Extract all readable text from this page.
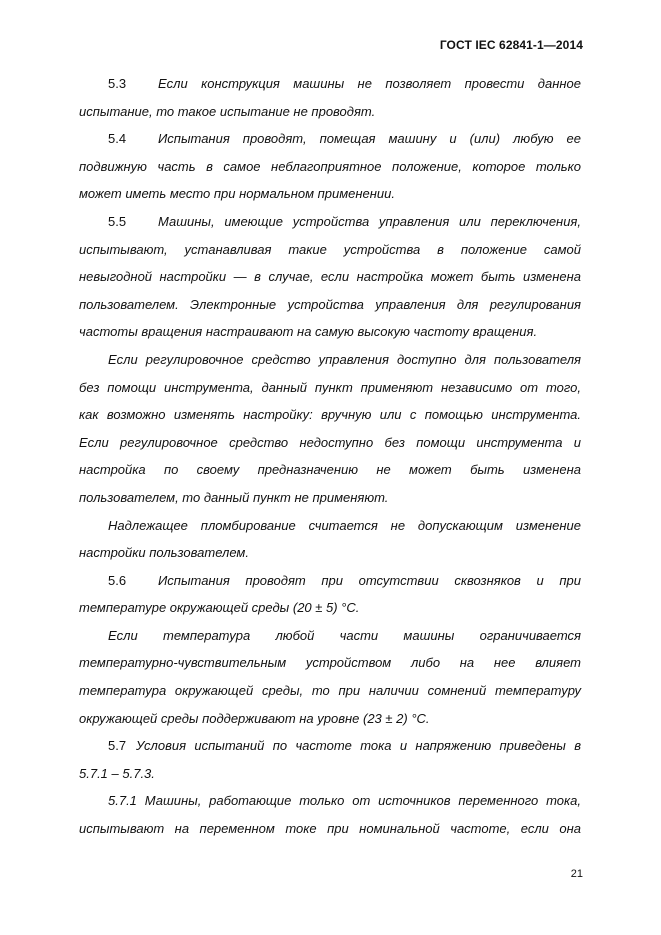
ГОСТ IEC 62841-1—2014
5.3 Если конструкция машины не позволяет провести данное
испытание, то такое испытание не проводят.
5.4 Испытания проводят, помещая машину и (или) любую ее
подвижную часть в самое неблагоприятное положение, которое только
может иметь место при нормальном применении.
5.5 Машины, имеющие устройства управления или переключения,
испытывают, устанавливая такие устройства в положение самой
невыгодной настройки — в случае, если настройка может быть изменена
пользователем. Электронные устройства управления для регулирования
частоты вращения настраивают на самую высокую частоту вращения.
Если регулировочное средство управления доступно для пользователя
без помощи инструмента, данный пункт применяют независимо от того,
как возможно изменять настройку: вручную или с помощью инструмента.
Если регулировочное средство недоступно без помощи инструмента и
настройка по своему предназначению не может быть изменена
пользователем, то данный пункт не применяют.
Надлежащее пломбирование считается не допускающим изменение
настройки пользователем.
5.6 Испытания проводят при отсутствии сквозняков и при
температуре окружающей среды (20 ± 5) °С.
Если температура любой части машины ограничивается
температурно-чувствительным устройством либо на нее влияет
температура окружающей среды, то при наличии сомнений температуру
окружающей среды поддерживают на уровне (23 ± 2) °С.
5.7 Условия испытаний по частоте тока и напряжению приведены в
5.7.1 – 5.7.3.
5.7.1 Машины, работающие только от источников переменного тока,
испытывают на переменном токе при номинальной частоте, если она
21
